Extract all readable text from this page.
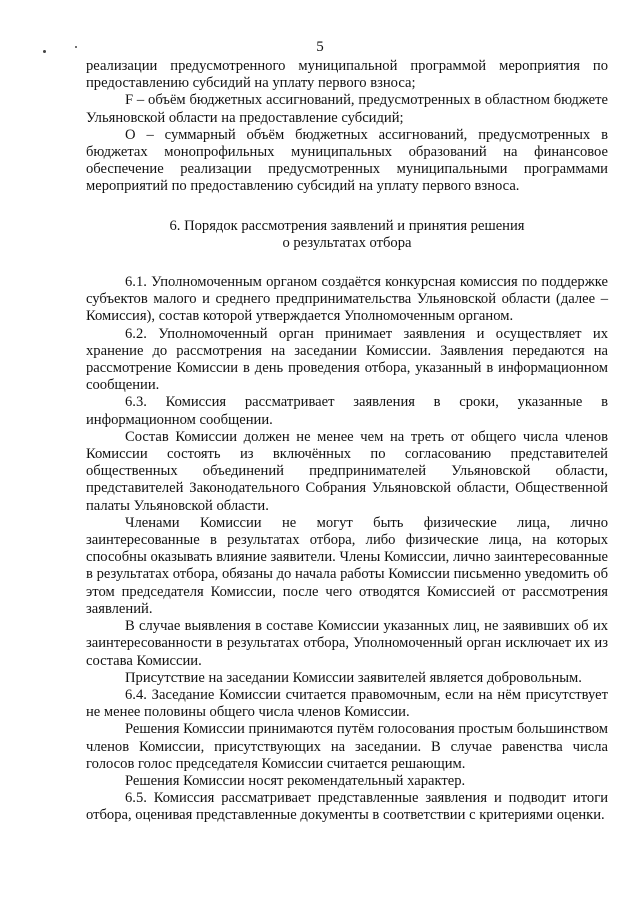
5

реализации предусмотренного муниципальной программой мероприятия по предоставлению субсидий на уплату первого взноса;

F – объём бюджетных ассигнований, предусмотренных в областном бюджете Ульяновской области на предоставление субсидий;

O – суммарный объём бюджетных ассигнований, предусмотренных в бюджетах монопрофильных муниципальных образований на финансовое обеспечение реализации предусмотренных муниципальными программами мероприятий по предоставлению субсидий на уплату первого взноса.

6. Порядок рассмотрения заявлений и принятия решения
о результатах отбора

6.1. Уполномоченным органом создаётся конкурсная комиссия по поддержке субъектов малого и среднего предпринимательства Ульяновской области (далее – Комиссия), состав которой утверждается Уполномоченным органом.

6.2. Уполномоченный орган принимает заявления и осуществляет их хранение до рассмотрения на заседании Комиссии. Заявления передаются на рассмотрение Комиссии в день проведения отбора, указанный в информационном сообщении.

6.3. Комиссия рассматривает заявления в сроки, указанные в информационном сообщении.

Состав Комиссии должен не менее чем на треть от общего числа членов Комиссии состоять из включённых по согласованию представителей общественных объединений предпринимателей Ульяновской области, представителей Законодательного Собрания Ульяновской области, Общественной палаты Ульяновской области.

Членами Комиссии не могут быть физические лица, лично заинтересованные в результатах отбора, либо физические лица, на которых способны оказывать влияние заявители. Члены Комиссии, лично заинтересованные в результатах отбора, обязаны до начала работы Комиссии письменно уведомить об этом председателя Комиссии, после чего отводятся Комиссией от рассмотрения заявлений.

В случае выявления в составе Комиссии указанных лиц, не заявивших об их заинтересованности в результатах отбора, Уполномоченный орган исключает их из состава Комиссии.

Присутствие на заседании Комиссии заявителей является добровольным.

6.4. Заседание Комиссии считается правомочным, если на нём присутствует не менее половины общего числа членов Комиссии.

Решения Комиссии принимаются путём голосования простым большинством членов Комиссии, присутствующих на заседании. В случае равенства числа голосов голос председателя Комиссии считается решающим.

Решения Комиссии носят рекомендательный характер.

6.5. Комиссия рассматривает представленные заявления и подводит итоги отбора, оценивая представленные документы в соответствии с критериями оценки.
